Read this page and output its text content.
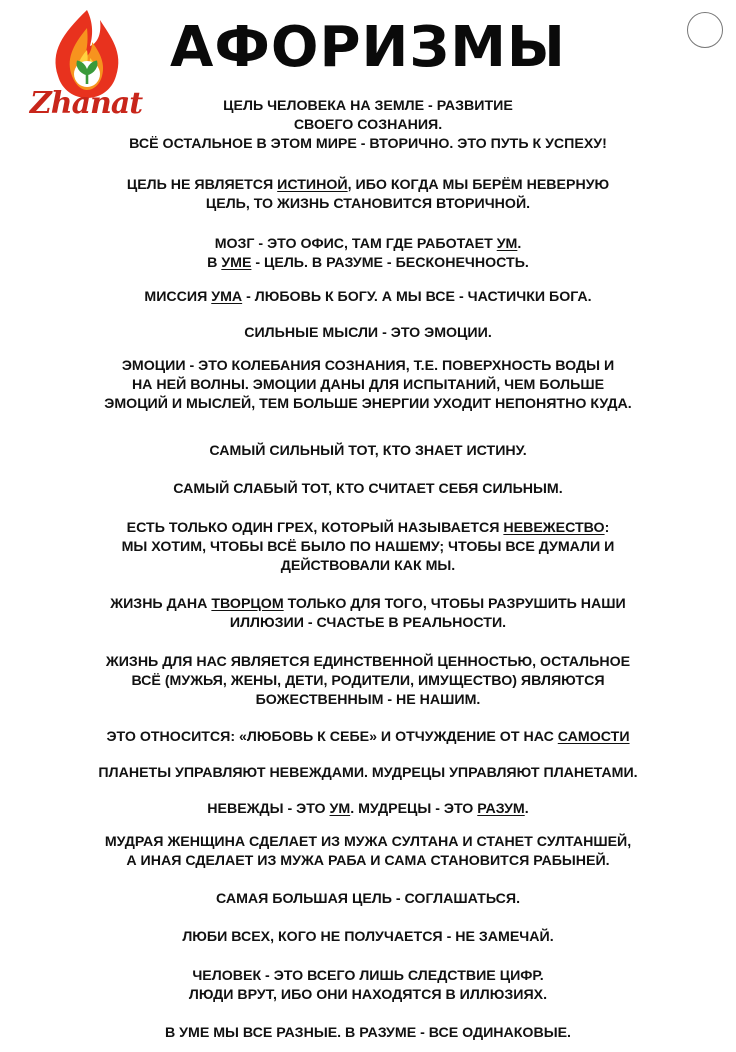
Zhanat
АФОРИЗМЫ
ЦЕЛЬ ЧЕЛОВЕКА НА ЗЕМЛЕ - РАЗВИТИЕ
СВОЕГО СОЗНАНИЯ.
ВСЁ ОСТАЛЬНОЕ В ЭТОМ МИРЕ - ВТОРИЧНО. ЭТО ПУТЬ К УСПЕХУ!
ЦЕЛЬ НЕ ЯВЛЯЕТСЯ ИСТИНОЙ, ИБО КОГДА МЫ БЕРЁМ НЕВЕРНУЮ
ЦЕЛЬ, ТО ЖИЗНЬ СТАНОВИТСЯ ВТОРИЧНОЙ.
МОЗГ - ЭТО ОФИС, ТАМ ГДЕ РАБОТАЕТ УМ.
В УМЕ - ЦЕЛЬ. В РАЗУМЕ - БЕСКОНЕЧНОСТЬ.
МИССИЯ УМА - ЛЮБОВЬ К БОГУ. А МЫ ВСЕ - ЧАСТИЧКИ БОГА.
СИЛЬНЫЕ МЫСЛИ - ЭТО ЭМОЦИИ.
ЭМОЦИИ - ЭТО КОЛЕБАНИЯ СОЗНАНИЯ, Т.Е. ПОВЕРХНОСТЬ ВОДЫ И
НА НЕЙ ВОЛНЫ. ЭМОЦИИ ДАНЫ ДЛЯ ИСПЫТАНИЙ, ЧЕМ БОЛЬШЕ
ЭМОЦИЙ И МЫСЛЕЙ, ТЕМ БОЛЬШЕ ЭНЕРГИИ УХОДИТ НЕПОНЯТНО КУДА.
САМЫЙ СИЛЬНЫЙ ТОТ, КТО ЗНАЕТ ИСТИНУ.
САМЫЙ СЛАБЫЙ ТОТ, КТО СЧИТАЕТ СЕБЯ СИЛЬНЫМ.
ЕСТЬ ТОЛЬКО ОДИН ГРЕХ, КОТОРЫЙ НАЗЫВАЕТСЯ НЕВЕЖЕСТВО:
МЫ ХОТИМ, ЧТОБЫ ВСЁ БЫЛО ПО НАШЕМУ; ЧТОБЫ ВСЕ ДУМАЛИ И
ДЕЙСТВОВАЛИ КАК МЫ.
ЖИЗНЬ ДАНА ТВОРЦОМ ТОЛЬКО ДЛЯ ТОГО, ЧТОБЫ РАЗРУШИТЬ НАШИ
ИЛЛЮЗИИ - СЧАСТЬЕ В РЕАЛЬНОСТИ.
ЖИЗНЬ ДЛЯ НАС ЯВЛЯЕТСЯ ЕДИНСТВЕННОЙ ЦЕННОСТЬЮ, ОСТАЛЬНОЕ
ВСЁ (МУЖЬЯ, ЖЕНЫ, ДЕТИ, РОДИТЕЛИ, ИМУЩЕСТВО) ЯВЛЯЮТСЯ
БОЖЕСТВЕННЫМ - НЕ НАШИМ.
ЭТО ОТНОСИТСЯ: «ЛЮБОВЬ К СЕБЕ» И ОТЧУЖДЕНИЕ ОТ НАС САМОСТИ
ПЛАНЕТЫ УПРАВЛЯЮТ НЕВЕЖДАМИ. МУДРЕЦЫ УПРАВЛЯЮТ ПЛАНЕТАМИ.
НЕВЕЖДЫ - ЭТО УМ. МУДРЕЦЫ - ЭТО РАЗУМ.
МУДРАЯ ЖЕНЩИНА СДЕЛАЕТ ИЗ МУЖА СУЛТАНА И СТАНЕТ СУЛТАНШЕЙ,
А ИНАЯ СДЕЛАЕТ ИЗ МУЖА РАБА И САМА СТАНОВИТСЯ РАБЫНЕЙ.
САМАЯ БОЛЬШАЯ ЦЕЛЬ - СОГЛАШАТЬСЯ.
ЛЮБИ ВСЕХ, КОГО НЕ ПОЛУЧАЕТСЯ - НЕ ЗАМЕЧАЙ.
ЧЕЛОВЕК - ЭТО ВСЕГО ЛИШЬ СЛЕДСТВИЕ ЦИФР.
ЛЮДИ ВРУТ, ИБО ОНИ НАХОДЯТСЯ В ИЛЛЮЗИЯХ.
В УМЕ МЫ ВСЕ РАЗНЫЕ. В РАЗУМЕ - ВСЕ ОДИНАКОВЫЕ.
